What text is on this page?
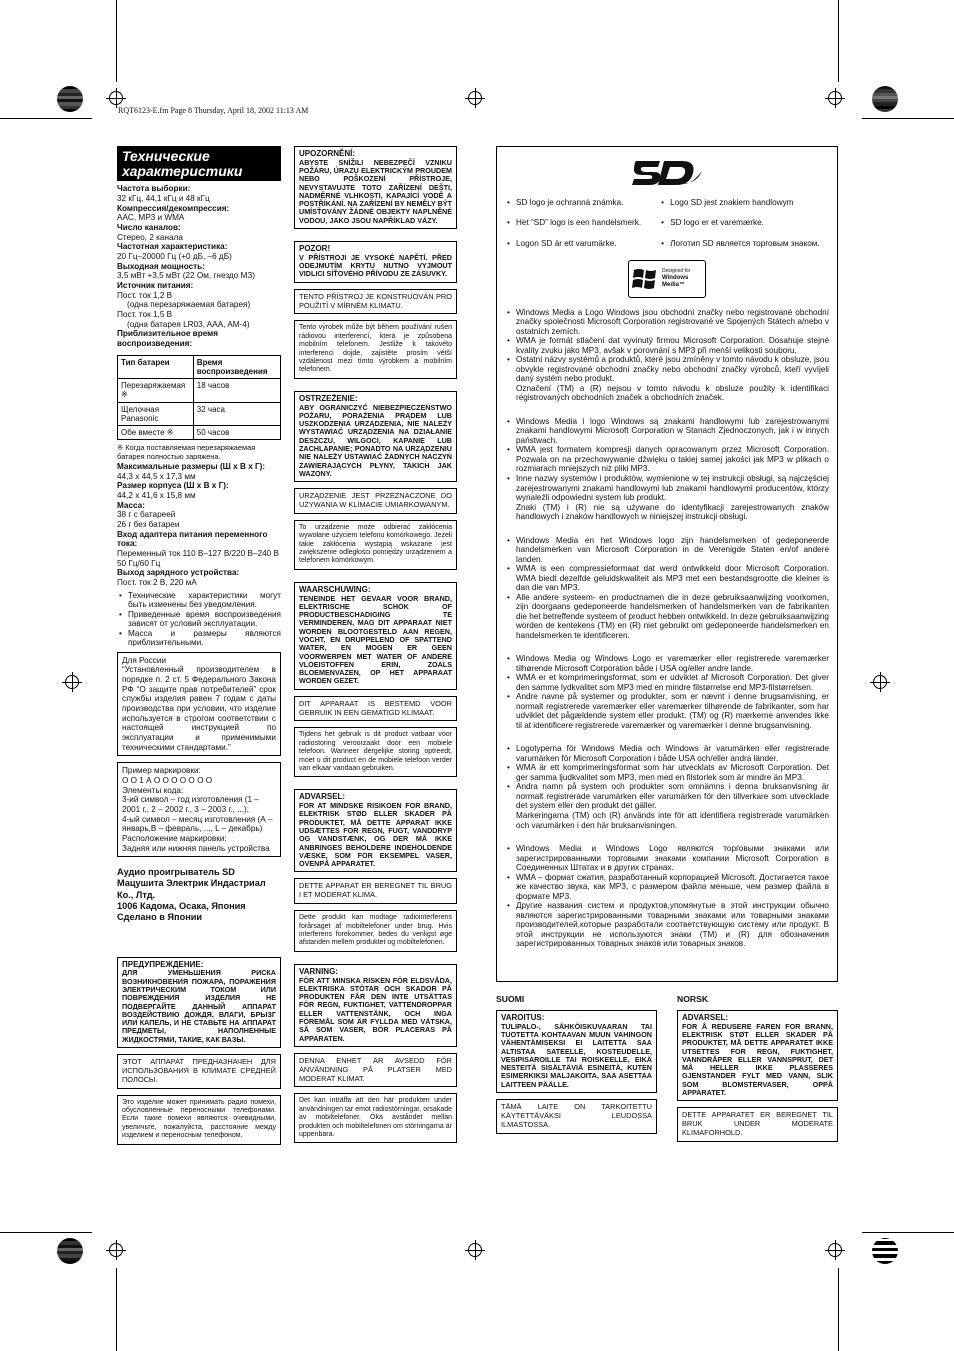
RQT6123-E.fm Page 8 Thursday, April 18, 2002 11:13 AM
Технические характеристики
Частота выборки:
32 кГц, 44,1 кГц и 48 кГц
Компрессия/декомпрессия:
AAC, MP3 и WMA
Число каналов:
Стерео, 2 канала
Частотная характеристика:
20 Гц–20000 Гц (+0 дБ, –6 дБ)
Выходная мощность:
3,5 мВт +3,5 мВт (22 Ом, гнездо МЗ)
Источник питания:
Пост. ток 1,2 В
(одна перезаряжаемая батарея)
Пост. ток 1,5 В
(одна батарея LR03, AAA, AM-4)
Приблизительное время воспроизведения:
Тип батареи	Время воспроизведения
Перезаряжаемая ※	18 часов
Щелочная Panasonic	32 часа
Обе вместе ※	50 часов
※ Когда поставляемая перезаряжаемая батарея полностью заряжена.
Максимальные размеры (Ш х В х Г):
44,3 х 44,5 х 17,3 мм
Размер корпуса (Ш х В х Г):
44,2 х 41,6 х 15,8 мм
Масса:
38 г с батареей
26 г без батареи
Вход адаптера питания переменного тока:
Переменный ток 110 В–127 В/220 В–240 В
50 Гц/60 Гц
Выход зарядного устройства:
Пост. ток 2 В, 220 мА
• Технические характеристики могут быть изменены без уведомления.
• Приведенные время воспроизведения зависят от условий эксплуатации.
• Масса и размеры являются приблизительными.
Для России
“Установленный производителем в порядке п. 2 ст. 5 Федерального Закона РФ “О защите прав потребителей” срок службы изделия равен 7 годам с даты производства при условии, что изделие используется в строгом соответствии с настоящей инструкцией по эксплуатации и применимыми техническими стандартами.”
Пример маркировки:
О О 1 А О О О О О О О
Элементы кода:
3-ий символ – год изготовления (1 – 2001 г., 2 – 2002 г., 3 – 2003 г., ...);
4-ый символ – месяц изготовления (А – январь,В – февраль, ..., L – декабрь)
Расположение маркировки:
Задняя или нижняя панель устройства
Аудио проигрыватель SD Мацушита Электрик Индастриал Ко., Лтд.
1006 Кадома, Осака, Япония
Сделано в Японии
ПРЕДУПРЕЖДЕНИЕ:
ДЛЯ УМЕНЬШЕНИЯ РИСКА ВОЗНИКНОВЕНИЯ ПОЖАРА, ПОРАЖЕНИЯ ЭЛЕКТРИЧЕСКИМ ТОКОМ ИЛИ ПОВРЕЖДЕНИЯ ИЗДЕЛИЯ НЕ ПОДВЕРГАЙТЕ ДАННЫЙ АППАРАТ ВОЗДЕЙСТВИЮ ДОЖДЯ, ВЛАГИ, БРЫЗГ ИЛИ КАПЕЛЬ, И НЕ СТАВЬТЕ НА АППАРАТ ПРЕДМЕТЫ, НАПОЛНЕННЫЕ ЖИДКОСТЯМИ, ТАКИЕ, КАК ВАЗЫ.
ЭТОТ АППАРАТ ПРЕДНАЗНАЧЕН ДЛЯ ИСПОЛЬЗОВАНИЯ В КЛИМАТЕ СРЕДНЕЙ ПОЛОСЫ.
Это изделие может принимать радио помехи, обусловленные переносными телефонами. Если такие помехи являются очевидными, увеличьте, пожалуйста, расстояние между изделием и переносным телефоном.
UPOZORNĚNÍ:
ABYSTE SNÍŽILI NEBEZPEČÍ VZNIKU POŽÁRU, ÚRAZU ELEKTRICKÝM PROUDEM NEBO POŠKOZENÍ PŘÍSTROJE, NEVYSTAVUJTE TOTO ZAŘÍZENÍ DEŠTI, NADMĚRNÉ VLHKOSTI, KAPAJÍCÍ VODĚ A POSTŘÍKÁNÍ. NA ZAŘÍZENÍ BY NEMĚLY BÝT UMÍSŤOVÁNY ŽÁDNÉ OBJEKTY NAPLNĚNÉ VODOU, JAKO JSOU NAPŘÍKLAD VÁZY.
POZOR!
V PŘÍSTROJI JE VYSOKÉ NAPĚTÍ. PŘED ODEJMUTÍM KRYTU NUTNO VYJMOUT VIDLICI SÍŤOVÉHO PŘÍVODU ZE ZÁSUVKY.
TENTO PŘÍSTROJ JE KONSTRUOVÁN PRO POUŽITÍ V MÍRNÉM KLIMATU.
Tento výrobek může být během používání rušen rádiovou interferencí, která je způsobena mobilním telefonem. Jestliže k takovéto interferenci dojde, zajistěte prosím větší vzdálenost mezi tímto výrobkem a mobilním telefonem.
OSTRZEŻENIE:
ABY OGRANICZYĆ NIEBEZPIECZEŃSTWO POŻARU, PORAŻENIA PRĄDEM LUB USZKODZENIA URZĄDZENIA, NIE NALEŻY WYSTAWIAĆ URZĄDZENIA NA DZIAŁANIE DESZCZU, WILGOCI, KAPANIE LUB ZACHLAPANIE; PONADTO NA URZĄDZENIU NIE NALEŻY USTAWIAĆ ŻADNYCH NACZYŃ ZAWIERAJĄCYCH PŁYNY, TAKICH JAK WAZONY.
URZĄDZENIE JEST PRZEZNACZONE DO UŻYWANIA W KLIMACIE UMIARKOWANYM.
To urządzenie może odbierać zakłócenia wywołane użyciem telefonu komórkowego. Jeżeli takie zakłócenia wystąpią wskazane jest zwiększenie odległości pomiędzy urządzeniem a telefonem komórkowym.
WAARSCHUWING:
TENEINDE HET GEVAAR VOOR BRAND, ELEKTRISCHE SCHOK OF PRODUCTBESCHADIGING TE VERMINDEREN, MAG DIT APPARAAT NIET WORDEN BLOOTGESTELD AAN REGEN, VOCHT, EN DRUPPELEND OF SPATTEND WATER, EN MOGEN ER GEEN VOORWERPEN MET WATER OF ANDERE VLOEISTOFFEN ERIN, ZOALS BLOEMENVAZEN, OP HET APPARAAT WORDEN GEZET.
DIT APPARAAT IS BESTEMD VOOR GEBRUIK IN EEN GEMATIGD KLIMAAT.
Tijdens het gebruik is dit product vatbaar voor radiostoring veroorzaakt door een mobiele telefoon. Wanneer dergelijke storing optreedt, moet u dit product en de mobiele telefoon verder van elkaar vandaan gebruiken.
ADVARSEL:
FOR AT MINDSKE RISIKOEN FOR BRAND, ELEKTRISK STØD ELLER SKADER PÅ PRODUKTET, MÅ DETTE APPARAT IKKE UDSÆTTES FOR REGN, FUGT, VANDDRYP OG VANDSTÆNK, OG DER MÅ IKKE ANBRINGES BEHOLDERE INDEHOLDENDE VÆSKE, SOM FOR EKSEMPEL VASER, OVENPÅ APPARATET.
DETTE APPARAT ER BEREGNET TIL BRUG I ET MODERAT KLIMA.
Dette produkt kan modtage radiointerferens forårsaget af mobiltelefoner under brug. Hvis interferens forekommer, bedes du venligst øge afstanden mellem produktet og mobiltelefonen.
VARNING:
FÖR ATT MINSKA RISKEN FÖR ELDSVÅDA, ELEKTRISKA STÖTAR OCH SKADOR PÅ PRODUKTEN FÅR DEN INTE UTSÄTTAS FÖR REGN, FUKTIGHET, VATTENDROPPAR ELLER VATTENSTÄNK, OCH INGA FÖREMÅL SOM ÄR FYLLDA MED VÄTSKA, SÅ SOM VASER, BÖR PLACERAS PÅ APPARATEN.
DENNA ENHET ÄR AVSEDD FÖR ANVÄNDNING PÅ PLATSER MED MODERAT KLIMAT.
Det kan inträffa att den här produkten under användningen tar emot radiostörningar, orsakade av mobiltelefoner. Öka avståndet mellan produkten och mobiltelefonen om störningarna är uppenbara.
• SD logo je ochranná známka.
• Het “SD” logo is een handelsmerk.
• Logon SD är ett varumärke.
• Logo SD jest znakiem handlowym
• SD logo er et varemærke.
• Логотип SD является торговым знаком.
Designed for
Windows
Media™
• Windows Media a Logo Windows jsou obchodní značky nebo registrované obchodní značky společnosti Microsoft Corporation registrované ve Spojených Státech a/nebo v ostatních zemích.
• WMA je formát stlačení dat vyvinutý firmou Microsoft Corporation. Dosahuje stejné kvality zvuku jako MP3, avšak v porovnání s MP3 při menší velikosti souboru.
• Ostatní názvy systémů a produktů, které jsou zmíněny v tomto návodu k obsluze, jsou obvykle registrované obchodní značky nebo obchodní značky výrobců, kteří vyvíjeli daný systém nebo produkt.
Označení (TM) a (R) nejsou v tomto návodu k obsluze použity k identifikaci registrovaných obchodních značek a obchodních značek.
• Windows Media i logo Windows są znakami handlowymi lub zarejestrowanymi znakami handlowymi Microsoft Corporation w Stanach Zjednoczonych, jak i w innych państwach.
• WMA jest formatem kompresji danych opracowanym przez Microsoft Corporation. Pozwala on na przechowywanie dźwięku o takiej samej jakości jak MP3 w plikach o rozmiarach mniejszych niż pliki MP3.
• Inne nazwy systemów i produktów, wymienione w tej instrukcji obsługi, są najczęściej zarejestrowanymi znakami handlowymi lub znakami handlowymi producentów, którzy wynaleźli odpowiedni system lub produkt.
Znaki (TM) i (R) nie są używane do identyfikacji zarejestrowanych znaków handlowych i znaków handlowych w niniejszej instrukcji obsługi.
• Windows Media en het Windows logo zijn handelsmerken of gedeponeerde handelsmerken van Microsoft Corporation in de Verenigde Staten en/of andere landen.
• WMA is een compressieformaat dat werd ontwikkeld door Microsoft Corporation. WMA biedt dezelfde geluidskwaliteit als MP3 met een bestandsgrootte die kleiner is dan die van MP3.
• Alle andere systeem- en productnamen die in deze gebruiksaanwijzing voorkomen, zijn doorgaans gedeponeerde handelsmerken of handelsmerken van de fabrikanten die het betreffende systeem of product hebben ontwikkeld. In deze gebruiksaanwijzing worden de kentekens (TM) en (R) niet gebruikt om gedeponeerde handelsmerken en handelsmerken te identificeren.
• Windows Media og Windows Logo er varemærker eller registrerede varemærker tilhørende Microsoft Corporation både i USA og/eller andre lande.
• WMA er et komprimeringsformat, som er udviklet af Microsoft Corporation. Det giver den samme lydkvalitet som MP3 med en mindre filstørrelse end MP3-filstørrelsen.
• Andre navne på systemer og produkter, som er nævnt i denne brugsanvisning, er normalt registrerede varemærker eller varemærker tilhørende de fabrikanter, som har udviklet det pågældende system eller produkt. (TM) og (R) mærkerne anvendes ikke til at identificere registrerede varemærker og varemærker i denne brugsanvisning.
• Logotyperna för Windows Media och Windows är varumärken eller registrerade varumärken för Microsoft Corporation i både USA och/eller andra länder.
• WMA är ett komprimeringsformat som har utvecklats av Microsoft Corporation. Det ger samma ljudkvalitet som MP3, men med en filstorlek som är mindre än MP3.
• Andra namn på system och produkter som omnämns i denna bruksanvisning är normalt registrerade varumärken eller varumärken för den tillverkare som utvecklade det system eller den produkt det gäller.
Markeringarna (TM) och (R) används inte för att identifiera registrerade varumärken och varumärken i den här bruksanvisningen.
• Windows Media и Windows Logo являются торговыми знаками или зарегистрированными торговыми знаками компании Microsoft Corporation в Соединенных Штатах и в других странах.
• WMA – формат сжатия, разработанный корпорацией Microsoft. Достигается такое же качество звука, как MP3, с размером файла меньше, чем размер файла в формате MP3.
• Другие названия систем и продуктов,упомянутые в этой инструкции обычно являются зарегистрированными товарными знаками или товарными знаками производителей,которые разработали соответствующую систему или продукт. В этой инструкции не используются знаки (TM) и (R) для обозначения зарегистрированных товарных знаков или товарных знаков.
SUOMI
VAROITUS:
TULIPALO-, SÄHKÖISKUVAARAN TAI TUOTETTA KOHTAAVAN MUUN VAHINGON VÄHENTÄMISEKSI EI LAITETTA SAA ALTISTAA SATEELLE, KOSTEUDELLE, VESIPISAROILLE TAI ROISKEELLE, EIKÄ NESTEITÄ SISÄLTÄVIÄ ESINEITÄ, KUTEN ESIMERKIKSI MALJAKOITA, SAA ASETTAA LAITTEEN PÄÄLLE.
TÄMÄ LAITE ON TARKOITETTU KÄYTETTÄVÄKSI LEUDOSSA ILMASTOSSA.
NORSK
ADVARSEL:
FOR Å REDUSERE FAREN FOR BRANN, ELEKTRISK STØT ELLER SKADER PÅ PRODUKTET, MÅ DETTE APPARATET IKKE UTSETTES FOR REGN, FUKTIGHET, VANNDRÅPER ELLER VANNSPRUT, DET MÅ HELLER IKKE PLASSERES GJENSTANDER FYLT MED VANN, SLIK SOM BLOMSTERVASER, OPPÅ APPARATET.
DETTE APPARATET ER BEREGNET TIL BRUK UNDER MODERATE KLIMAFORHOLD.
